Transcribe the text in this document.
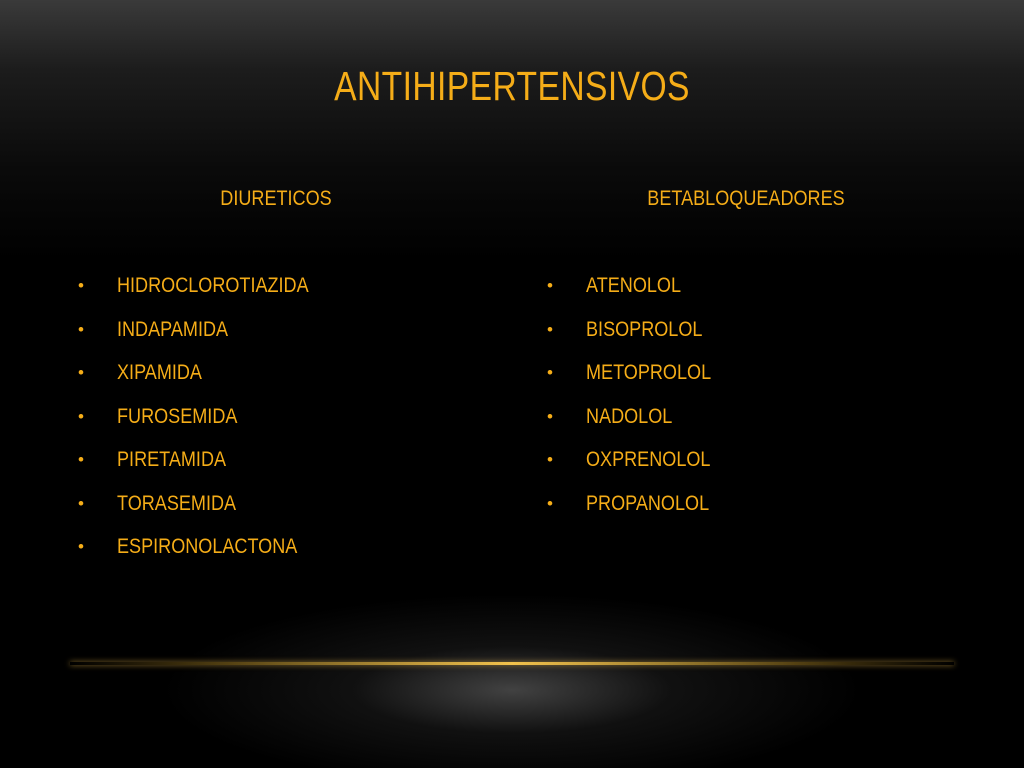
ANTIHIPERTENSIVOS
DIURETICOS	BETABLOQUEADORES
• HIDROCLOROTIAZIDA
• INDAPAMIDA
• XIPAMIDA
• FUROSEMIDA
• PIRETAMIDA
• TORASEMIDA
• ESPIRONOLACTONA
• ATENOLOL
• BISOPROLOL
• METOPROLOL
• NADOLOL
• OXPRENOLOL
• PROPANOLOL
